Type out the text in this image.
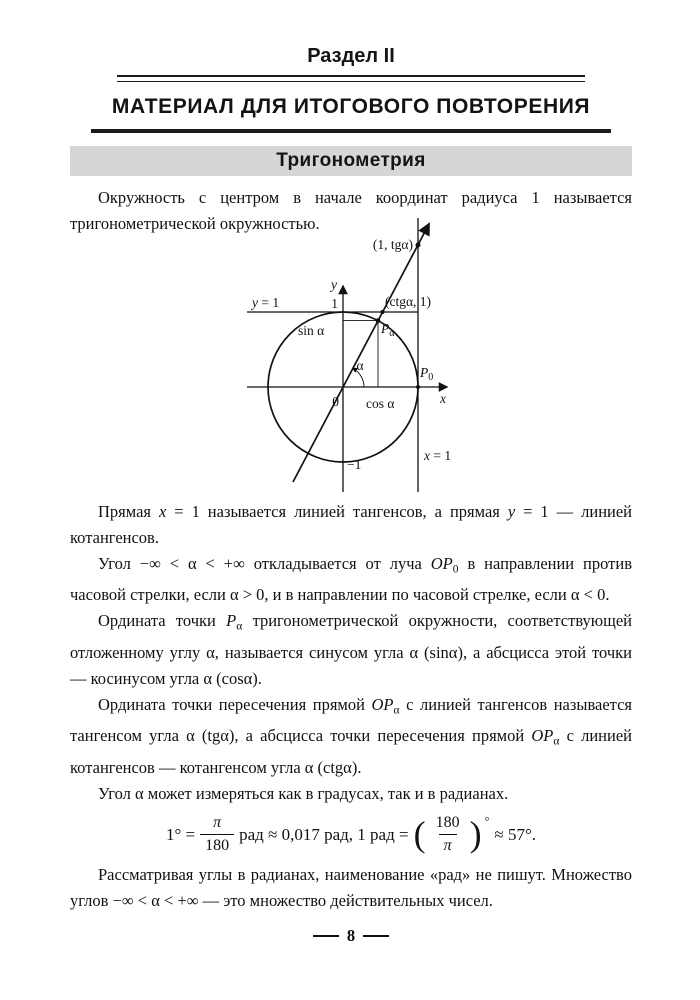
Раздел II
МАТЕРИАЛ ДЛЯ ИТОГОВОГО ПОВТОРЕНИЯ
Тригонометрия

Окружность с центром в начале координат радиуса 1 называется тригонометрической окружностью.

(1, tgα)
(ctgα, 1)
y
x
y = 1
x = 1
1
−1
sin α
cos α
α
0
$P_\alpha$
$P_0$

Прямая x = 1 называется линией тангенсов, а прямая y = 1 — линией котангенсов.

Угол −∞ < α < +∞ откладывается от луча $OP_0$ в направлении против часовой стрелки, если α > 0, и в направлении по часовой стрелке, если α < 0.

Ордината точки $P_\alpha$ тригонометрической окружности, соответствующей отложенному углу α, называется синусом угла α (sinα), а абсцисса этой точки — косинусом угла α (cosα).

Ордината точки пересечения прямой $OP_\alpha$ с линией тангенсов называется тангенсом угла α (tgα), а абсцисса точки пересечения прямой $OP_\alpha$ с линией котангенсов — котангенсом угла α (ctgα).

Угол α может измеряться как в градусах, так и в радианах.

$1^\circ = \frac{\pi}{180}$ рад ≈ 0,017 рад, 1 рад = ( $\frac{180}{\pi}$ ) °
≈ 57°.

Рассматривая углы в радианах, наименование «рад» не пишут. Множество углов −∞ < α < +∞ — это множество действительных чисел.

8
